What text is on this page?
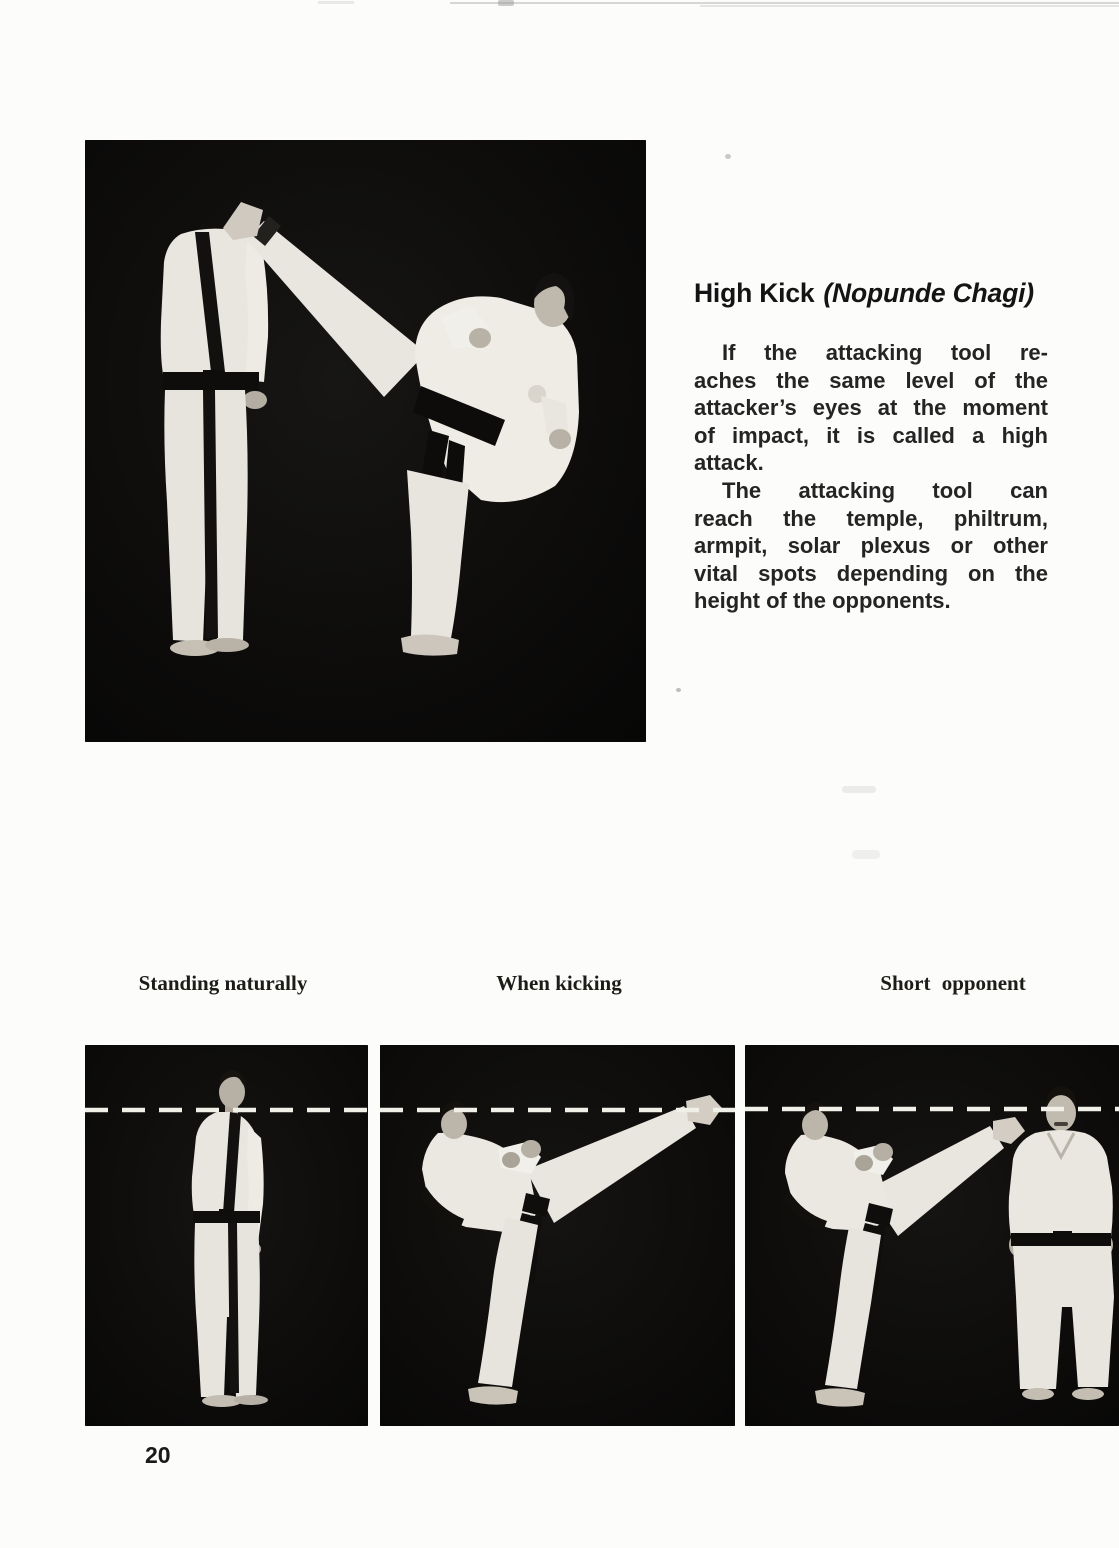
High Kick (Nopunde Chagi)
If the attacking tool re-
aches the same level of the
attacker’s eyes at the moment
of impact, it is called a high
attack.
The attacking tool can
reach the temple, philtrum,
armpit, solar plexus or other
vital spots depending on the
height of the opponents.
Standing naturally	When kicking	Short opponent
20
